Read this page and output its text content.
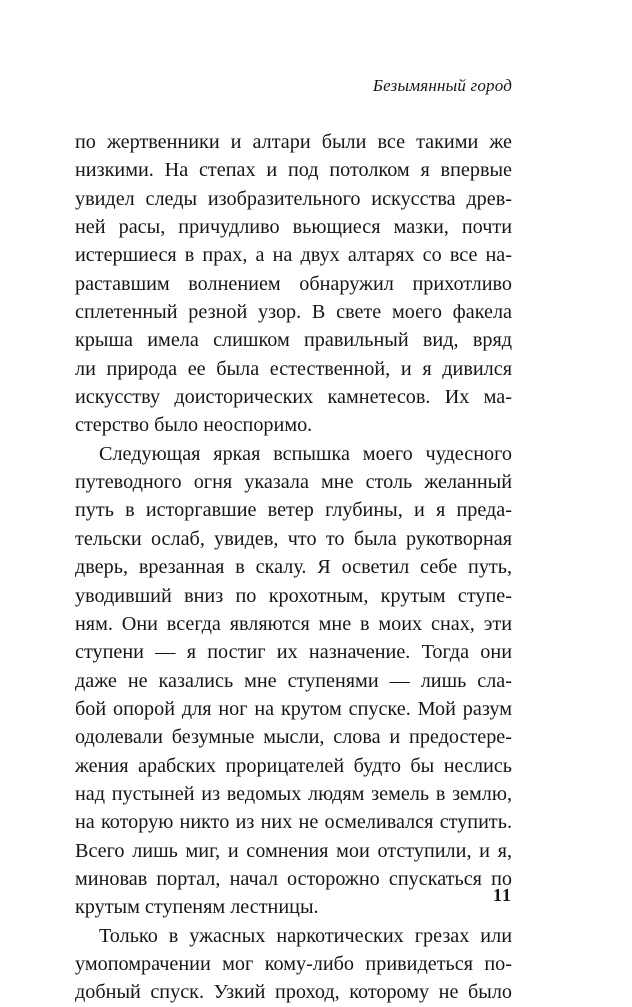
Безымянный город
по жертвенники и алтари были все такими же
низкими. На степах и под потолком я впервые
увидел следы изобразительного искусства древ-
ней расы, причудливо вьющиеся мазки, почти
истершиеся в прах, а на двух алтарях со все на-
раставшим волнением обнаружил прихотливо
сплетенный резной узор. В свете моего факела
крыша имела слишком правильный вид, вряд
ли природа ее была естественной, и я дивился
искусству доисторических камнетесов. Их ма-
стерство было неоспоримо.
Следующая яркая вспышка моего чудесного
путеводного огня указала мне столь желанный
путь в исторгавшие ветер глубины, и я преда-
тельски ослаб, увидев, что то была рукотворная
дверь, врезанная в скалу. Я осветил себе путь,
уводивший вниз по крохотным, крутым ступе-
ням. Они всегда являются мне в моих снах, эти
ступени — я постиг их назначение. Тогда они
даже не казались мне ступенями — лишь сла-
бой опорой для ног на крутом спуске. Мой разум
одолевали безумные мысли, слова и предостере-
жения арабских прорицателей будто бы неслись
над пустыней из ведомых людям земель в землю,
на которую никто из них не осмеливался ступить.
Всего лишь миг, и сомнения мои отступили, и я,
миновав портал, начал осторожно спускаться по
крутым ступеням лестницы.
Только в ужасных наркотических грезах или
умопомрачении мог кому-либо привидеться по-
добный спуск. Узкий проход, которому не было
11
